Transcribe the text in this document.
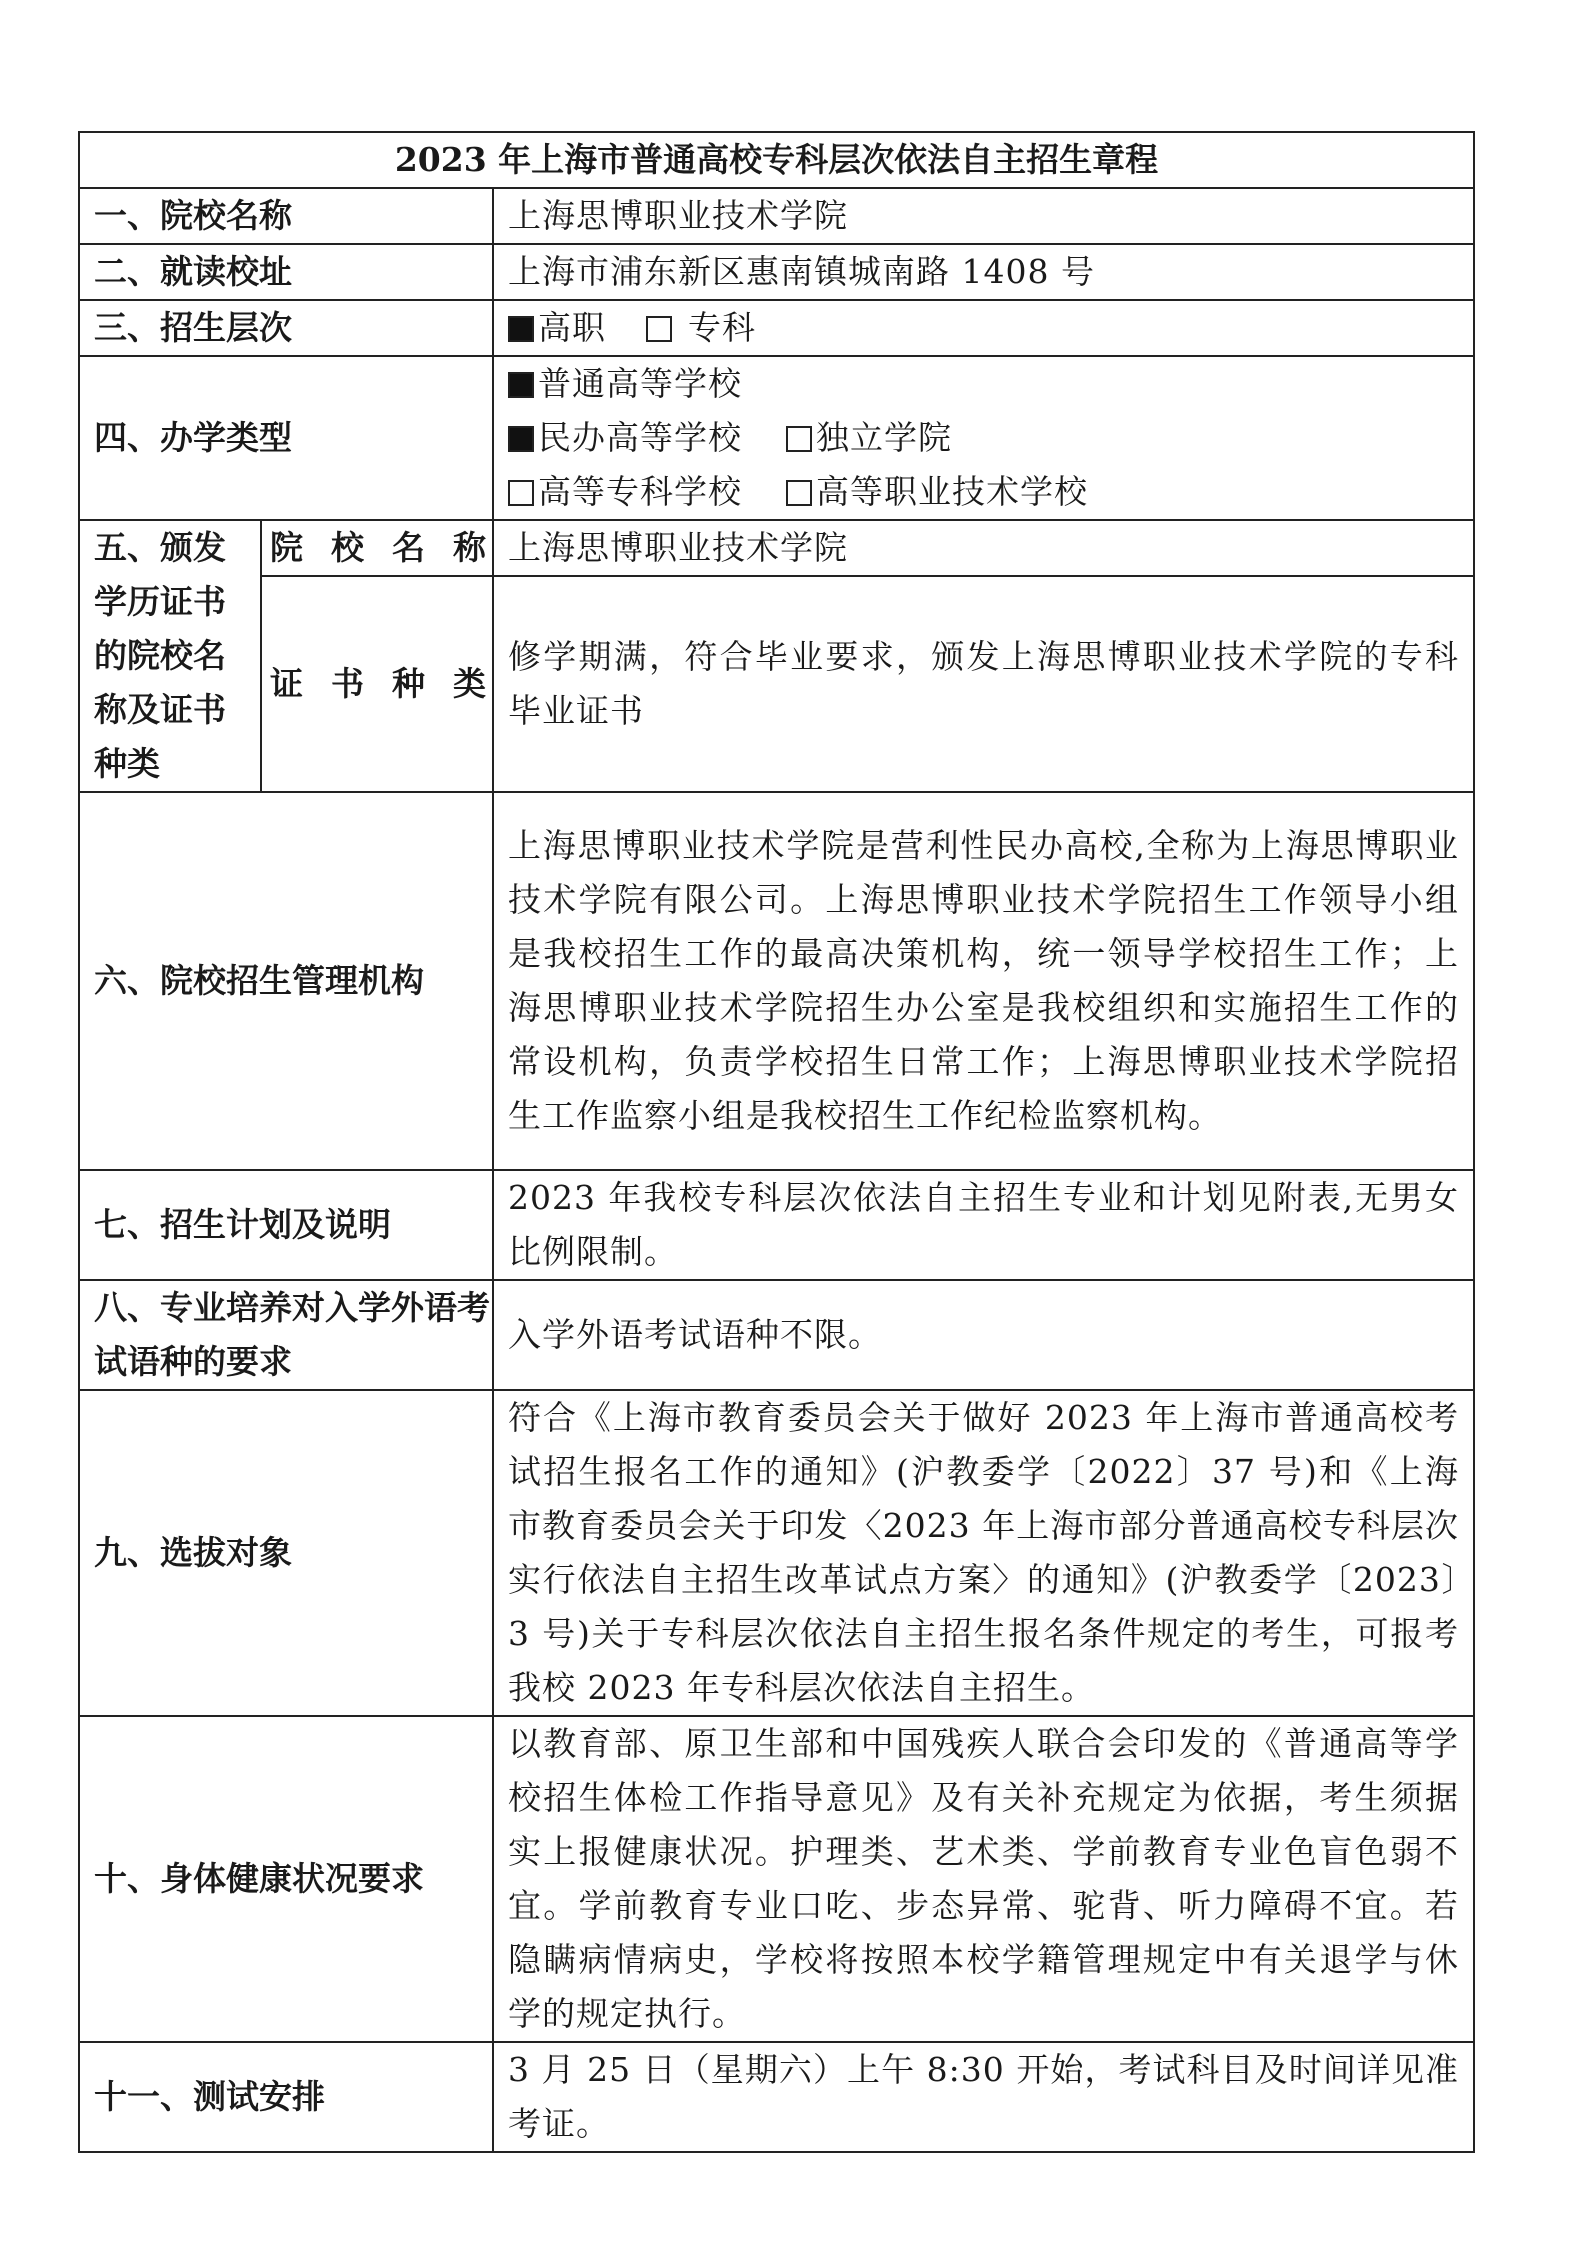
2023 年上海市普通高校专科层次依法自主招生章程		
一、院校名称		上海思博职业技术学院
二、就读校址		上海市浦东新区惠南镇城南路 1408 号
三、招生层次		高职 专科
四、办学类型		普通高等学校
民办高等学校 独立学院
高等专科学校 高等职业技术学校

五、颁发学历证书的院校名称及证书种类	院校名称	上海思博职业技术学院
	证书种类	修学期满，符合毕业要求，颁发上海思博职业技术学院的专科毕业证书
六、院校招生管理机构		上海思博职业技术学院是营利性民办高校,全称为上海思博职业技术学院有限公司。上海思博职业技术学院招生工作领导小组是我校招生工作的最高决策机构，统一领导学校招生工作；上海思博职业技术学院招生办公室是我校组织和实施招生工作的常设机构，负责学校招生日常工作；上海思博职业技术学院招生工作监察小组是我校招生工作纪检监察机构。
七、招生计划及说明		2023 年我校专科层次依法自主招生专业和计划见附表,无男女比例限制。
八、专业培养对入学外语考试语种的要求		入学外语考试语种不限。
九、选拔对象		符合《上海市教育委员会关于做好 2023 年上海市普通高校考试招生报名工作的通知》(沪教委学〔2022〕37 号)和《上海市教育委员会关于印发〈2023 年上海市部分普通高校专科层次实行依法自主招生改革试点方案〉的通知》(沪教委学〔2023〕3 号)关于专科层次依法自主招生报名条件规定的考生，可报考我校 2023 年专科层次依法自主招生。
十、身体健康状况要求		以教育部、原卫生部和中国残疾人联合会印发的《普通高等学校招生体检工作指导意见》及有关补充规定为依据，考生须据实上报健康状况。护理类、艺术类、学前教育专业色盲色弱不宜。学前教育专业口吃、步态异常、驼背、听力障碍不宜。若隐瞒病情病史，学校将按照本校学籍管理规定中有关退学与休学的规定执行。
十一、测试安排		3 月 25 日（星期六）上午 8:30 开始，考试科目及时间详见准考证。
